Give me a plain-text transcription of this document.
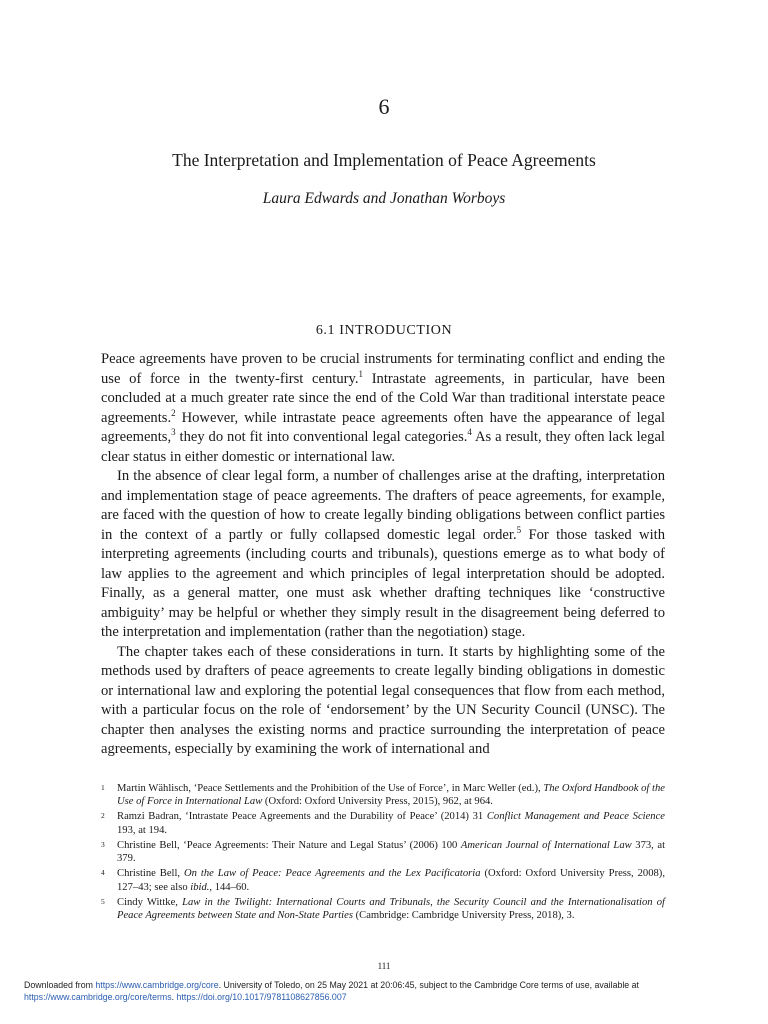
6
The Interpretation and Implementation of Peace Agreements
Laura Edwards and Jonathan Worboys
6.1 INTRODUCTION

Peace agreements have proven to be crucial instruments for terminating conflict and ending the use of force in the twenty-first century.$^1$ Intrastate agreements, in particular, have been concluded at a much greater rate since the end of the Cold War than traditional interstate peace agreements.$^2$ However, while intrastate peace agreements often have the appearance of legal agreements,$^3$ they do not fit into conventional legal categories.$^4$ As a result, they often lack legal clear status in either domestic or international law.

In the absence of clear legal form, a number of challenges arise at the drafting, interpretation and implementation stage of peace agreements. The drafters of peace agreements, for example, are faced with the question of how to create legally binding obligations between conflict parties in the context of a partly or fully collapsed domestic legal order.$^5$ For those tasked with interpreting agreements (including courts and tribunals), questions emerge as to what body of law applies to the agreement and which principles of legal interpretation should be adopted. Finally, as a general matter, one must ask whether drafting techniques like ‘constructive ambiguity’ may be helpful or whether they simply result in the disagreement being deferred to the interpretation and implementation (rather than the negotiation) stage.

The chapter takes each of these considerations in turn. It starts by highlighting some of the methods used by drafters of peace agreements to create legally binding obligations in domestic or international law and exploring the potential legal consequences that flow from each method, with a particular focus on the role of ‘endorsement’ by the UN Security Council (UNSC). The chapter then analyses the existing norms and practice surrounding the interpretation of peace agreements, especially by examining the work of international and

1 Martin Wählisch, ‘Peace Settlements and the Prohibition of the Use of Force’, in Marc Weller (ed.), The Oxford Handbook of the Use of Force in International Law (Oxford: Oxford University Press, 2015), 962, at 964.
2 Ramzi Badran, ‘Intrastate Peace Agreements and the Durability of Peace’ (2014) 31 Conflict Management and Peace Science 193, at 194.
3 Christine Bell, ‘Peace Agreements: Their Nature and Legal Status’ (2006) 100 American Journal of International Law 373, at 379.
4 Christine Bell, On the Law of Peace: Peace Agreements and the Lex Pacificatoria (Oxford: Oxford University Press, 2008), 127–43; see also ibid., 144–60.
5 Cindy Wittke, Law in the Twilight: International Courts and Tribunals, the Security Council and the Internationalisation of Peace Agreements between State and Non-State Parties (Cambridge: Cambridge University Press, 2018), 3.
111
Downloaded from https://www.cambridge.org/core. University of Toledo, on 25 May 2021 at 20:06:45, subject to the Cambridge Core terms of use, available at
https://www.cambridge.org/core/terms. https://doi.org/10.1017/9781108627856.007
